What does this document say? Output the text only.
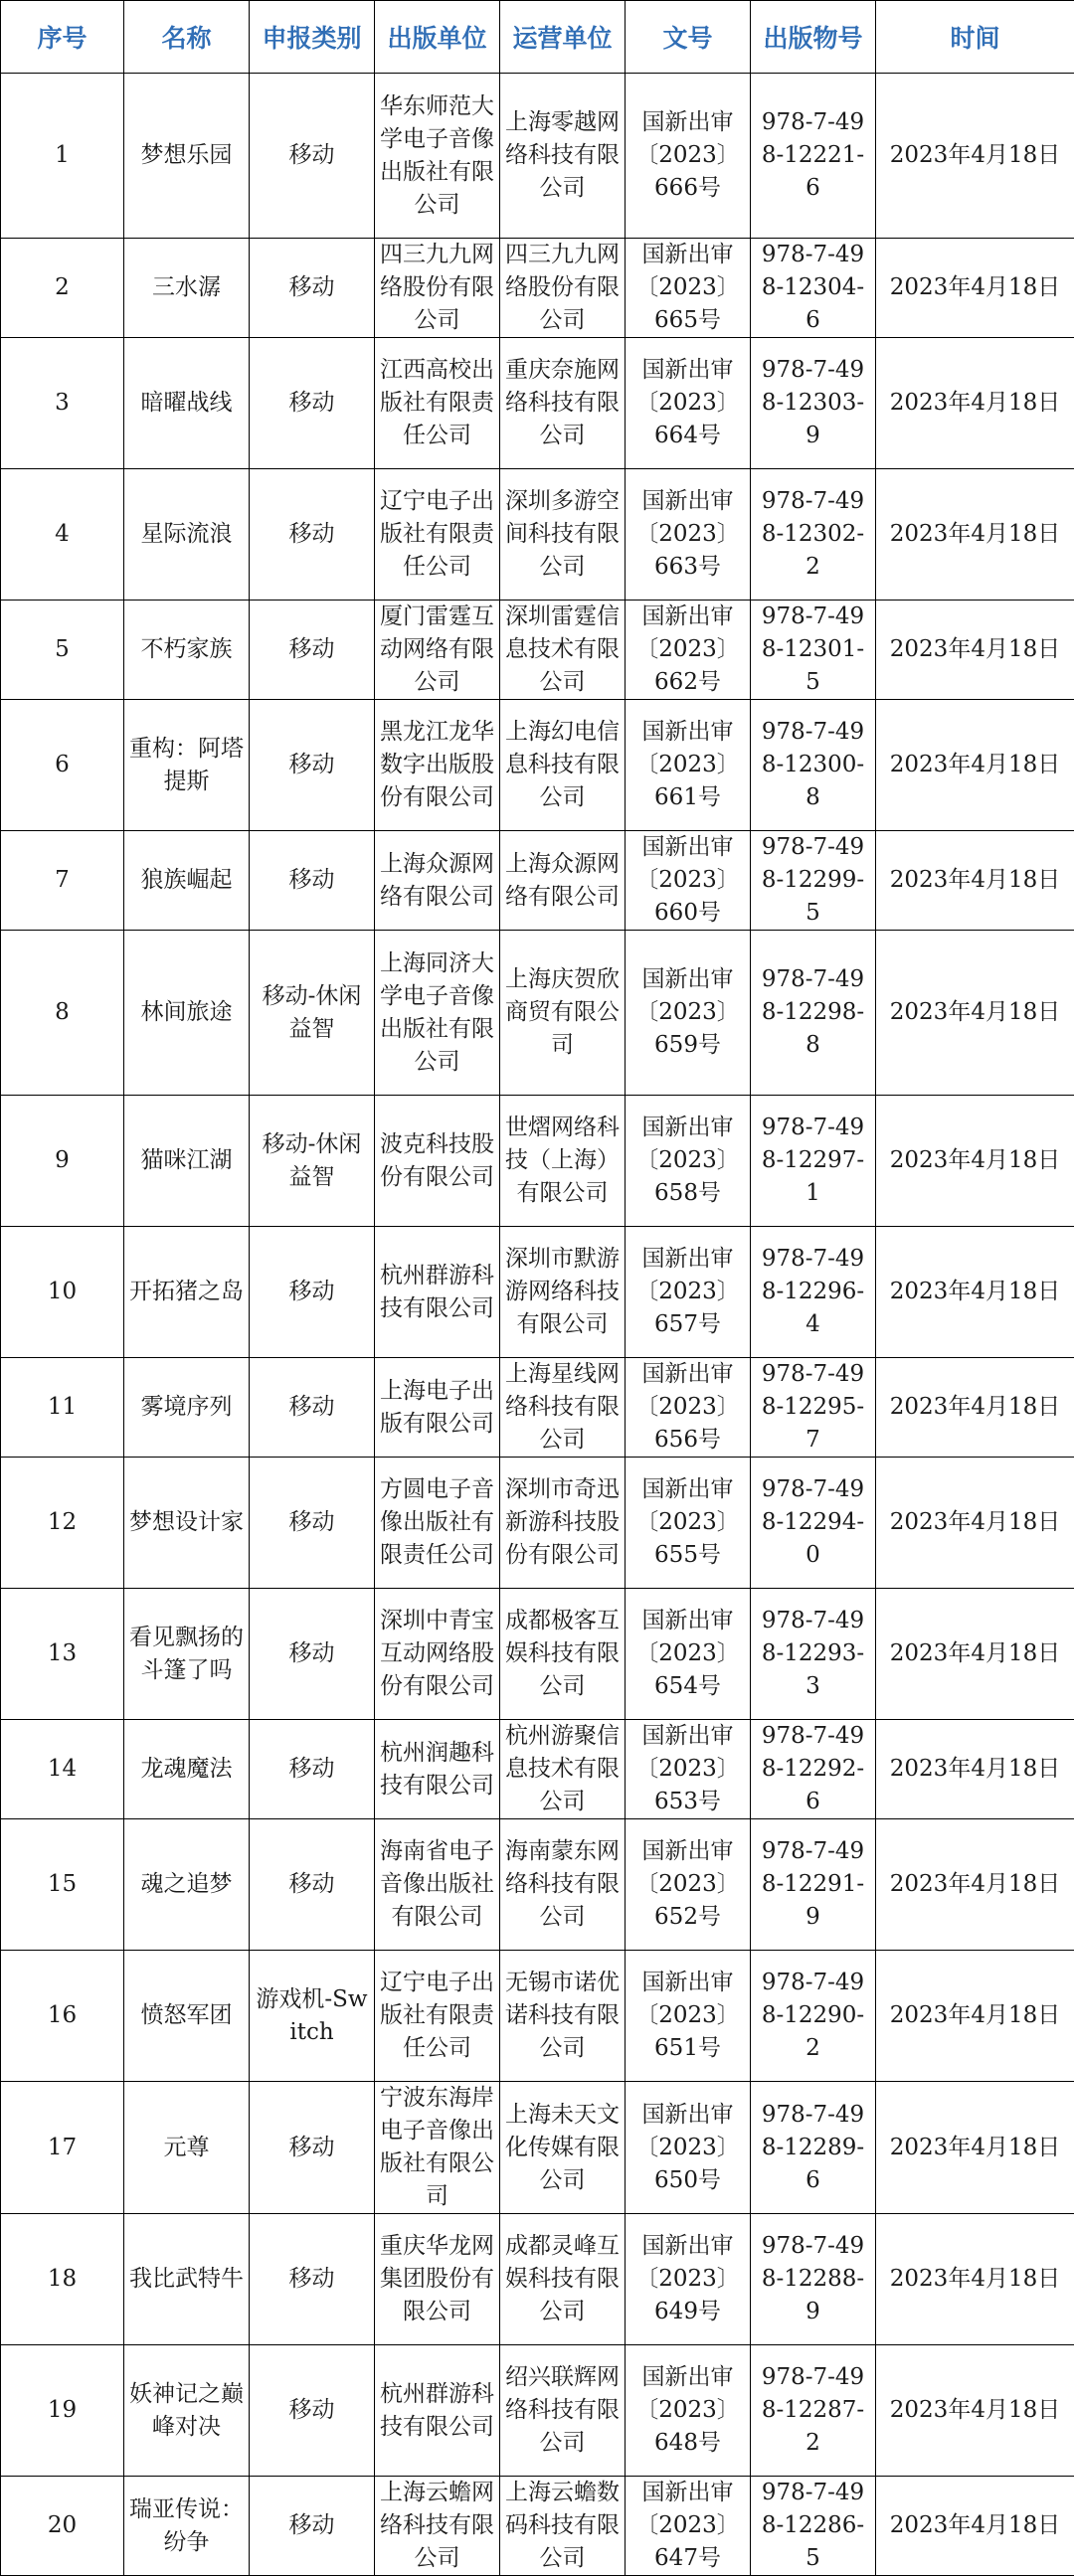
序号	名称	申报类别	出版单位	运营单位	文号	出版物号	时间

1	梦想乐园	移动	华东师范大学电子音像出版社有限公司	上海零越网络科技有限公司	国新出审〔2023〕666号	978-7-498-12221-6	2023年4月18日

2	三水潺	移动	四三九九网络股份有限公司	四三九九网络股份有限公司	国新出审〔2023〕665号	978-7-498-12304-6	2023年4月18日

3	暗曜战线	移动	江西高校出版社有限责任公司	重庆奈施网络科技有限公司	国新出审〔2023〕664号	978-7-498-12303-9	2023年4月18日

4	星际流浪	移动	辽宁电子出版社有限责任公司	深圳多游空间科技有限公司	国新出审〔2023〕663号	978-7-498-12302-2	2023年4月18日

5	不朽家族	移动	厦门雷霆互动网络有限公司	深圳雷霆信息技术有限公司	国新出审〔2023〕662号	978-7-498-12301-5	2023年4月18日

6	重构：阿塔提斯	移动	黑龙江龙华数字出版股份有限公司	上海幻电信息科技有限公司	国新出审〔2023〕661号	978-7-498-12300-8	2023年4月18日

7	狼族崛起	移动	上海众源网络有限公司	上海众源网络有限公司	国新出审〔2023〕660号	978-7-498-12299-5	2023年4月18日

8	林间旅途	移动-休闲益智	上海同济大学电子音像出版社有限公司	上海庆贺欣商贸有限公司	国新出审〔2023〕659号	978-7-498-12298-8	2023年4月18日

9	猫咪江湖	移动-休闲益智	波克科技股份有限公司	世熠网络科技（上海）有限公司	国新出审〔2023〕658号	978-7-498-12297-1	2023年4月18日

10	开拓猪之岛	移动	杭州群游科技有限公司	深圳市默游游网络科技有限公司	国新出审〔2023〕657号	978-7-498-12296-4	2023年4月18日

11	雾境序列	移动	上海电子出版有限公司	上海星线网络科技有限公司	国新出审〔2023〕656号	978-7-498-12295-7	2023年4月18日

12	梦想设计家	移动	方圆电子音像出版社有限责任公司	深圳市奇迅新游科技股份有限公司	国新出审〔2023〕655号	978-7-498-12294-0	2023年4月18日

13	看见飘扬的斗篷了吗	移动	深圳中青宝互动网络股份有限公司	成都极客互娱科技有限公司	国新出审〔2023〕654号	978-7-498-12293-3	2023年4月18日

14	龙魂魔法	移动	杭州润趣科技有限公司	杭州游聚信息技术有限公司	国新出审〔2023〕653号	978-7-498-12292-6	2023年4月18日

15	魂之追梦	移动	海南省电子音像出版社有限公司	海南蒙东网络科技有限公司	国新出审〔2023〕652号	978-7-498-12291-9	2023年4月18日

16	愤怒军团	游戏机-Switch	辽宁电子出版社有限责任公司	无锡市诺优诺科技有限公司	国新出审〔2023〕651号	978-7-498-12290-2	2023年4月18日

17	元尊	移动	宁波东海岸电子音像出版社有限公司	上海未天文化传媒有限公司	国新出审〔2023〕650号	978-7-498-12289-6	2023年4月18日

18	我比武特牛	移动	重庆华龙网集团股份有限公司	成都灵峰互娱科技有限公司	国新出审〔2023〕649号	978-7-498-12288-9	2023年4月18日

19	妖神记之巅峰对决	移动	杭州群游科技有限公司	绍兴联辉网络科技有限公司	国新出审〔2023〕648号	978-7-498-12287-2	2023年4月18日

20	瑞亚传说：纷争	移动	上海云蟾网络科技有限公司	上海云蟾数码科技有限公司	国新出审〔2023〕647号	978-7-498-12286-5	2023年4月18日
